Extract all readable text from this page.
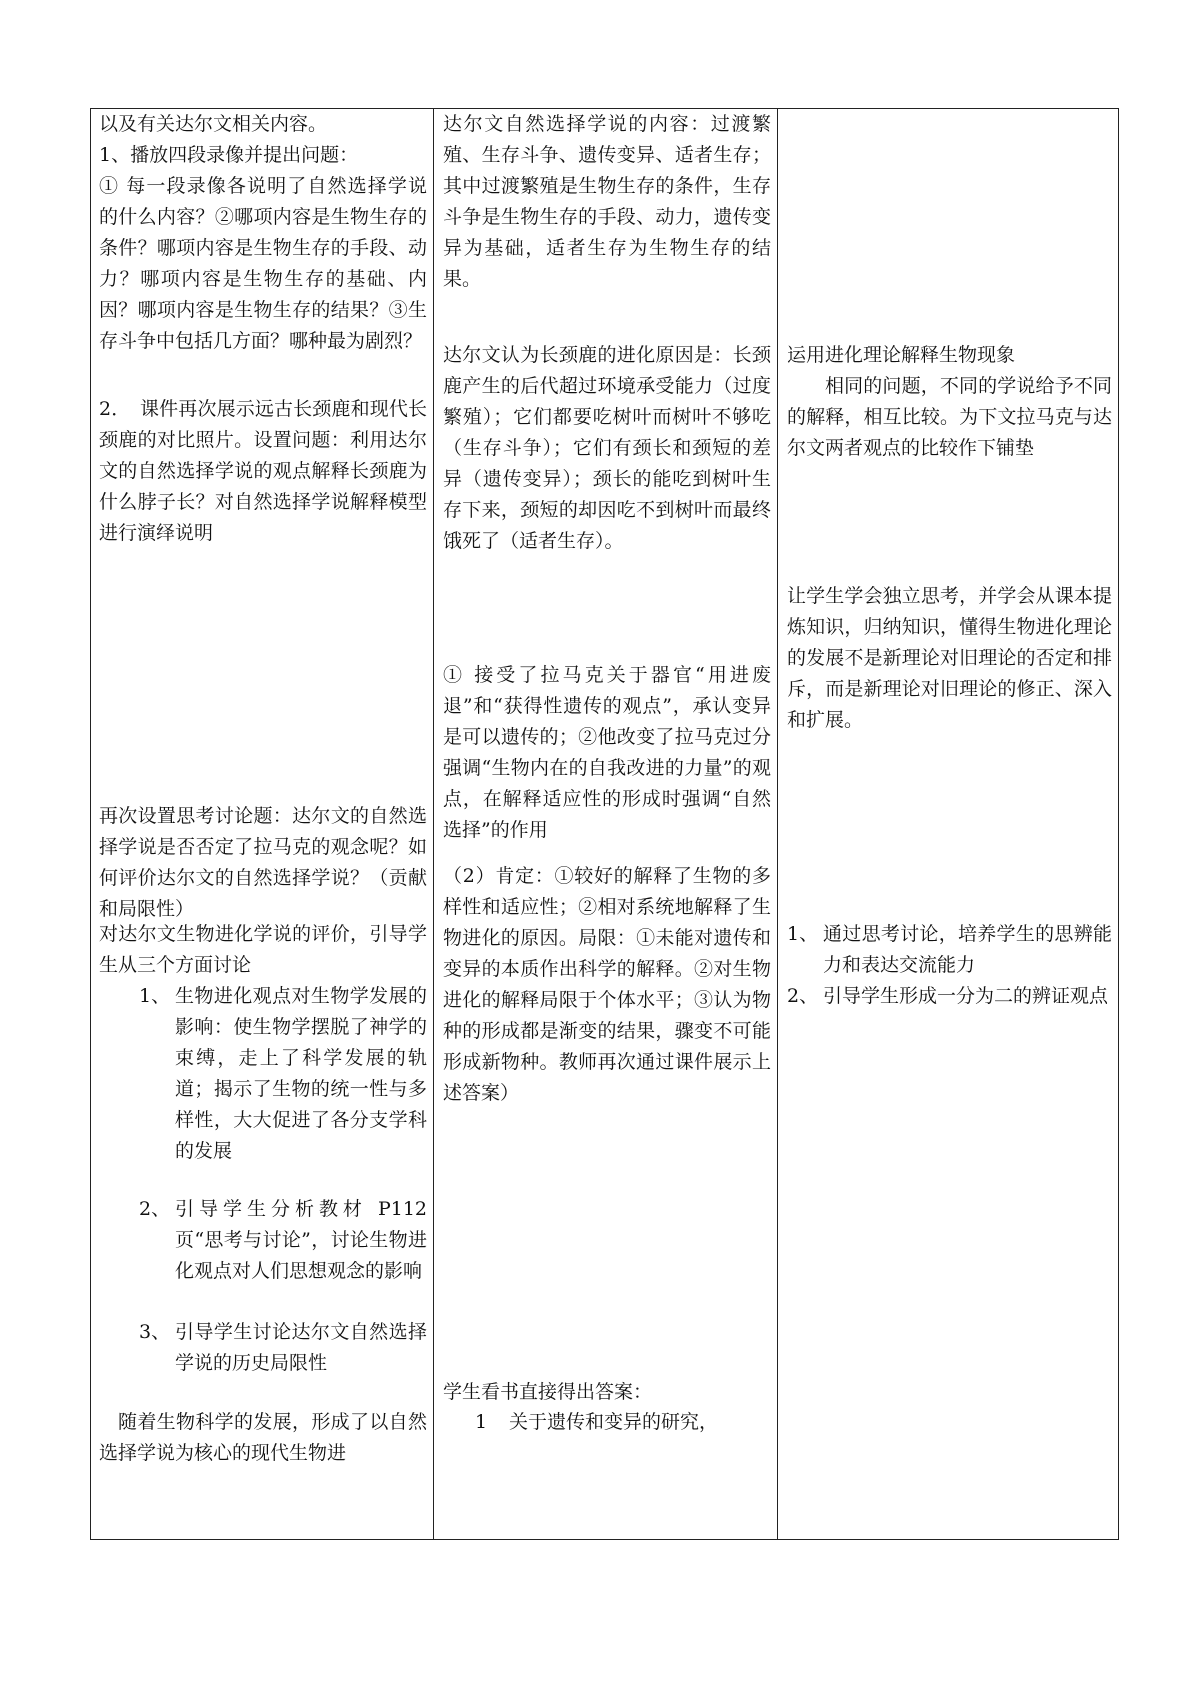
以及有关达尔文相关内容。

1、播放四段录像并提出问题：

① 每一段录像各说明了自然选择学说的什么内容？②哪项内容是生物生存的条件？哪项内容是生物生存的手段、动力？哪项内容是生物生存的基础、内因？哪项内容是生物生存的结果？③生存斗争中包括几方面？哪种最为剧烈？

2．　课件再次展示远古长颈鹿和现代长颈鹿的对比照片。设置问题：利用达尔文的自然选择学说的观点解释长颈鹿为什么脖子长？对自然选择学说解释模型进行演绎说明

再次设置思考讨论题：达尔文的自然选择学说是否否定了拉马克的观念呢？如何评价达尔文的自然选择学说？（贡献和局限性）

对达尔文生物进化学说的评价，引导学生从三个方面讨论

1、 生物进化观点对生物学发展的影响：使生物学摆脱了神学的束缚，走上了科学发展的轨道；揭示了生物的统一性与多样性，大大促进了各分支学科的发展
2、 引导学生分析教材 P112 页“思考与讨论”，讨论生物进化观点对人们思想观念的影响
3、 引导学生讨论达尔文自然选择学说的历史局限性

随着生物科学的发展，形成了以自然选择学说为核心的现代生物进

达尔文自然选择学说的内容：过渡繁殖、生存斗争、遗传变异、适者生存；其中过渡繁殖是生物生存的条件，生存斗争是生物生存的手段、动力，遗传变异为基础，适者生存为生物生存的结果。

达尔文认为长颈鹿的进化原因是：长颈鹿产生的后代超过环境承受能力（过度繁殖）；它们都要吃树叶而树叶不够吃（生存斗争）；它们有颈长和颈短的差异（遗传变异）；颈长的能吃到树叶生存下来，颈短的却因吃不到树叶而最终饿死了（适者生存）。

① 接受了拉马克关于器官“用进废退”和“获得性遗传的观点”，承认变异是可以遗传的；②他改变了拉马克过分强调“生物内在的自我改进的力量”的观点，在解释适应性的形成时强调“自然选择”的作用

（2）肯定：①较好的解释了生物的多样性和适应性；②相对系统地解释了生物进化的原因。局限：①未能对遗传和变异的本质作出科学的解释。②对生物进化的解释局限于个体水平；③认为物种的形成都是渐变的结果，骤变不可能形成新物种。教师再次通过课件展示上述答案）

学生看书直接得出答案：

1 关于遗传和变异的研究，

运用进化理论解释生物现象

相同的问题，不同的学说给予不同的解释，相互比较。为下文拉马克与达尔文两者观点的比较作下铺垫

让学生学会独立思考，并学会从课本提炼知识，归纳知识，懂得生物进化理论的发展不是新理论对旧理论的否定和排斥，而是新理论对旧理论的修正、深入和扩展。

1、 通过思考讨论，培养学生的思辨能力和表达交流能力
2、 引导学生形成一分为二的辨证观点
